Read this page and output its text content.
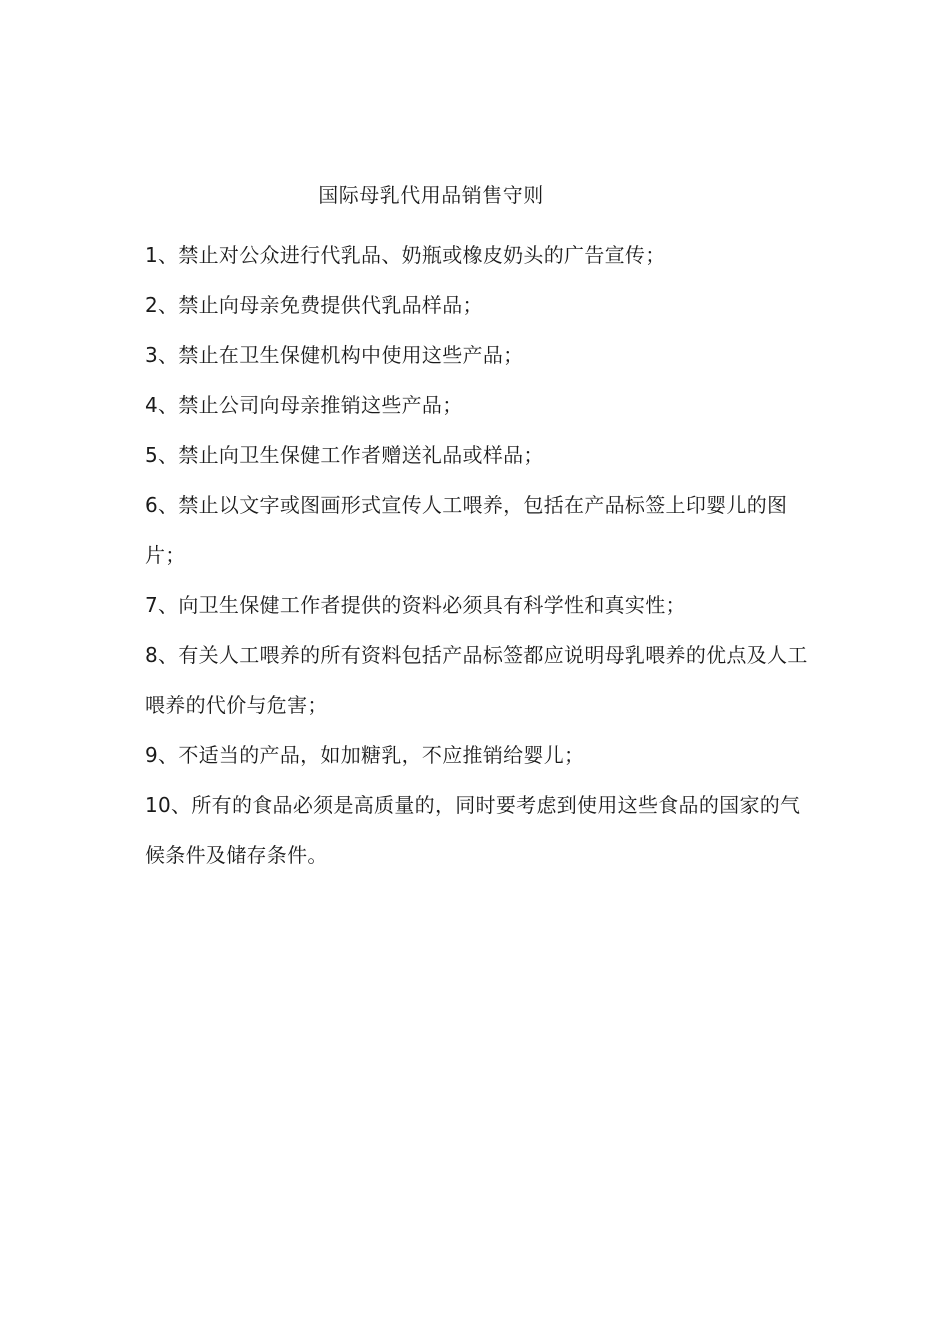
国际母乳代用品销售守则
1、禁止对公众进行代乳品、奶瓶或橡皮奶头的广告宣传；
2、禁止向母亲免费提供代乳品样品；
3、禁止在卫生保健机构中使用这些产品；
4、禁止公司向母亲推销这些产品；
5、禁止向卫生保健工作者赠送礼品或样品；
6、禁止以文字或图画形式宣传人工喂养，包括在产品标签上印婴儿的图片；
7、向卫生保健工作者提供的资料必须具有科学性和真实性；
8、有关人工喂养的所有资料包括产品标签都应说明母乳喂养的优点及人工喂养的代价与危害；
9、不适当的产品，如加糖乳，不应推销给婴儿；
10、所有的食品必须是高质量的，同时要考虑到使用这些食品的国家的气候条件及储存条件。
